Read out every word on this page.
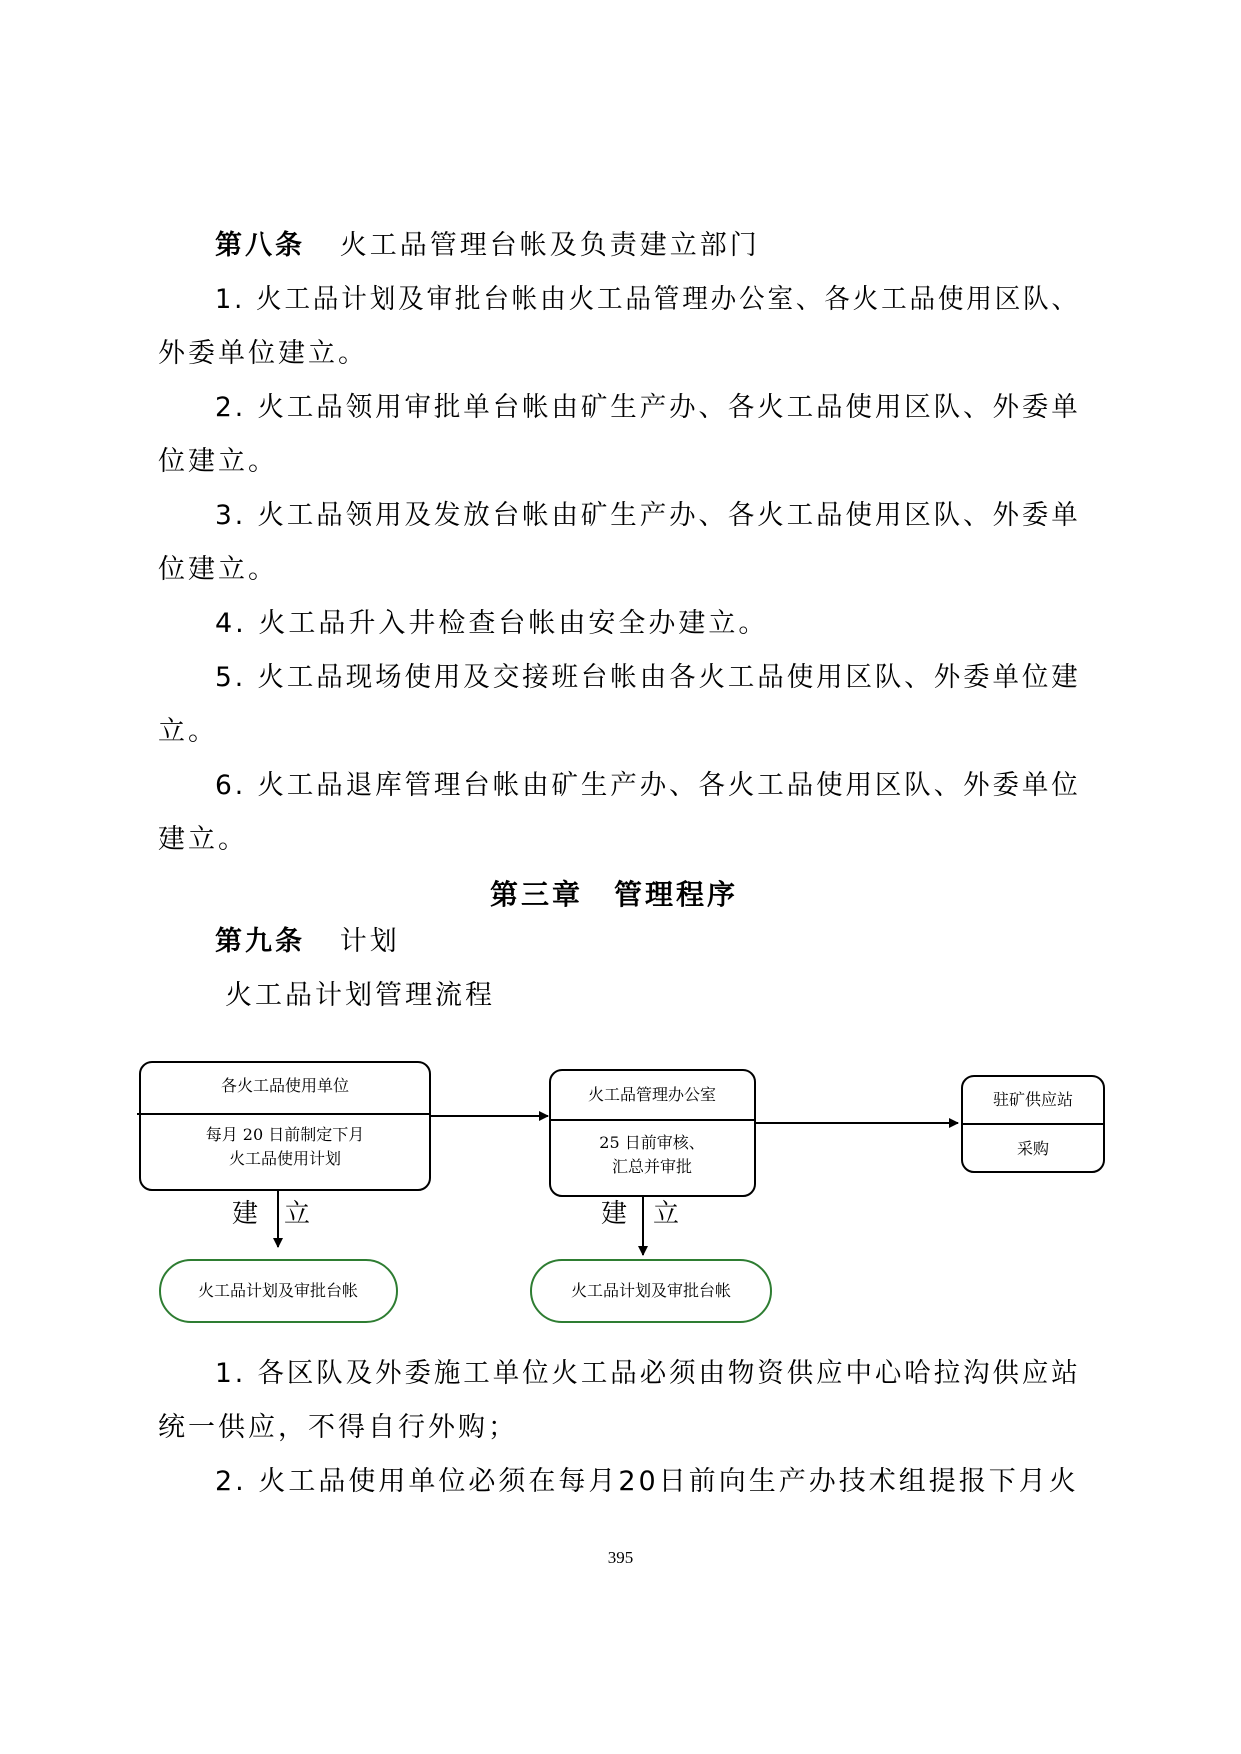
第八条 火工品管理台帐及负责建立部门
1. 火工品计划及审批台帐由火工品管理办公室、各火工品使用区队、
外委单位建立。
2. 火工品领用审批单台帐由矿生产办、各火工品使用区队、外委单
位建立。
3. 火工品领用及发放台帐由矿生产办、各火工品使用区队、外委单
位建立。
4. 火工品升入井检查台帐由安全办建立。
5. 火工品现场使用及交接班台帐由各火工品使用区队、外委单位建
立。
6. 火工品退库管理台帐由矿生产办、各火工品使用区队、外委单位
建立。
第三章　管理程序
第九条 计划
火工品计划管理流程
各火工品使用单位
每月 20 日前制定下月
火工品使用计划
火工品管理办公室
25 日前审核、
汇总并审批
驻矿供应站
采购
建　立	建　立
火工品计划及审批台帐	火工品计划及审批台帐
1. 各区队及外委施工单位火工品必须由物资供应中心哈拉沟供应站
统一供应，不得自行外购；
2. 火工品使用单位必须在每月20日前向生产办技术组提报下月火
395
